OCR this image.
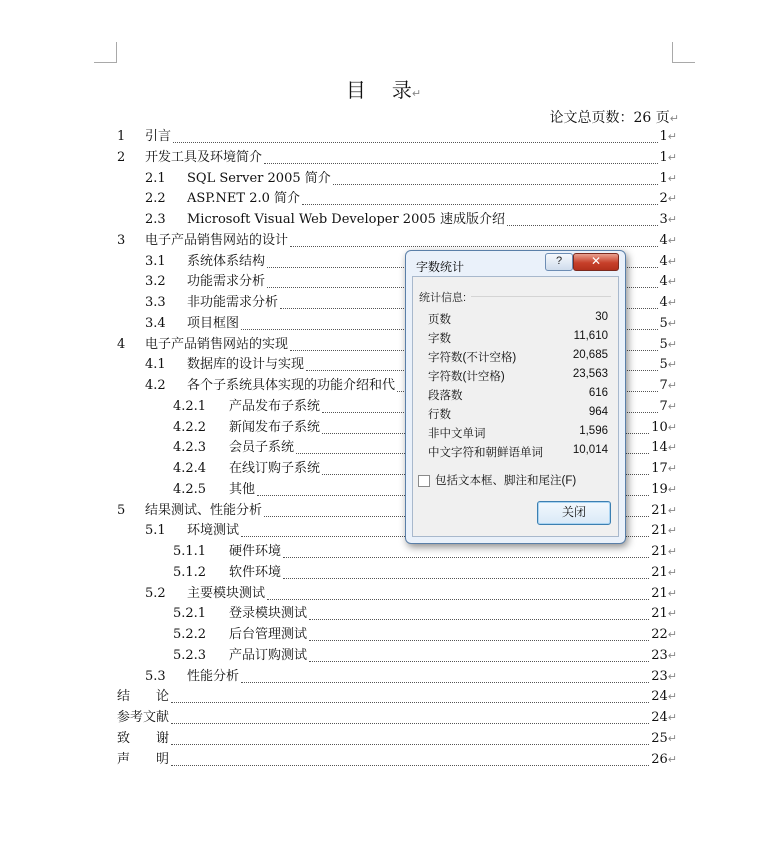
目 录↵
论文总页数：26 页↵
1	引言	1 ↵
2	开发工具及环境简介	1 ↵
2.1	SQL Server 2005 简介	1 ↵
2.2	ASP.NET 2.0 简介	2 ↵
2.3	Microsoft Visual Web Developer 2005 速成版介绍	3 ↵
3	电子产品销售网站的设计	4 ↵
3.1	系统体系结构	4 ↵
3.2	功能需求分析	4 ↵
3.3	非功能需求分析	4 ↵
3.4	项目框图	5 ↵
4	电子产品销售网站的实现	5 ↵
4.1	数据库的设计与实现	5 ↵
4.2	各个子系统具体实现的功能介绍和代	7 ↵
4.2.1	产品发布子系统	7 ↵
4.2.2	新闻发布子系统	10 ↵
4.2.3	会员子系统	14 ↵
4.2.4	在线订购子系统	17 ↵
4.2.5	其他	19 ↵
5	结果测试、性能分析	21 ↵
5.1	环境测试	21 ↵
5.1.1	硬件环境	21 ↵
5.1.2	软件环境	21 ↵
5.2	主要模块测试	21 ↵
5.2.1	登录模块测试	21 ↵
5.2.2	后台管理测试	22 ↵
5.2.3	产品订购测试	23 ↵
5.3	性能分析	23 ↵
结　　论	24 ↵
参考文献	24 ↵
致　　谢	25 ↵
声　　明	26 ↵
字数统计	?	✕
统计信息:
页数	30
字数	11,610
字符数(不计空格)	20,685
字符数(计空格)	23,563
段落数	616
行数	964
非中文单词	1,596
中文字符和朝鲜语单词	10,014
包括文本框、脚注和尾注(F)
关闭
